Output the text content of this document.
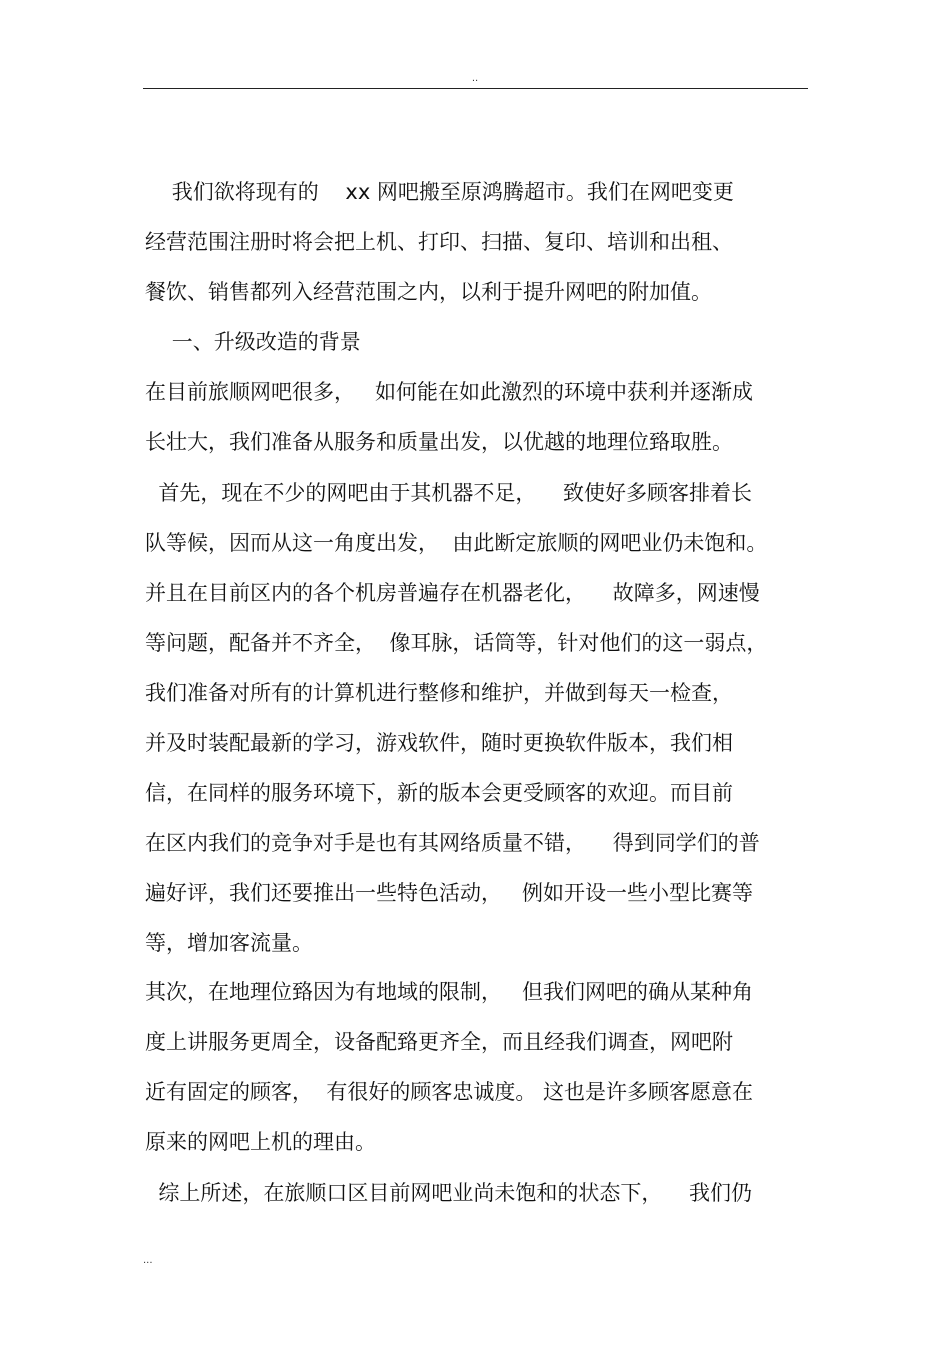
..
我们欲将现有的    xx 网吧搬至原鸿腾超市。我们在网吧变更
经营范围注册时将会把上机、打印、扫描、复印、培训和出租、
餐饮、销售都列入经营范围之内，以利于提升网吧的附加值。
一、升级改造的背景
在目前旅顺网吧很多，   如何能在如此激烈的环境中获利并逐渐成
长壮大，我们准备从服务和质量出发，以优越的地理位臵取胜。
首先，现在不少的网吧由于其机器不足，    致使好多顾客排着长
队等候，因而从这一角度出发，  由此断定旅顺的网吧业仍未饱和。
并且在目前区内的各个机房普遍存在机器老化，    故障多，网速慢
等问题，配备并不齐全，  像耳脉，话筒等，针对他们的这一弱点，
我们准备对所有的计算机进行整修和维护，并做到每天一检查，
并及时装配最新的学习，游戏软件，随时更换软件版本，我们相
信，在同样的服务环境下，新的版本会更受顾客的欢迎。而目前
在区内我们的竞争对手是也有其网络质量不错，    得到同学们的普
遍好评，我们还要推出一些特色活动，   例如开设一些小型比赛等
等，增加客流量。
其次，在地理位臵因为有地域的限制，   但我们网吧的确从某种角
度上讲服务更周全，设备配臵更齐全，而且经我们调查，网吧附
近有固定的顾客，  有很好的顾客忠诚度。 这也是许多顾客愿意在
原来的网吧上机的理由。
综上所述，在旅顺口区目前网吧业尚未饱和的状态下，    我们仍
...
